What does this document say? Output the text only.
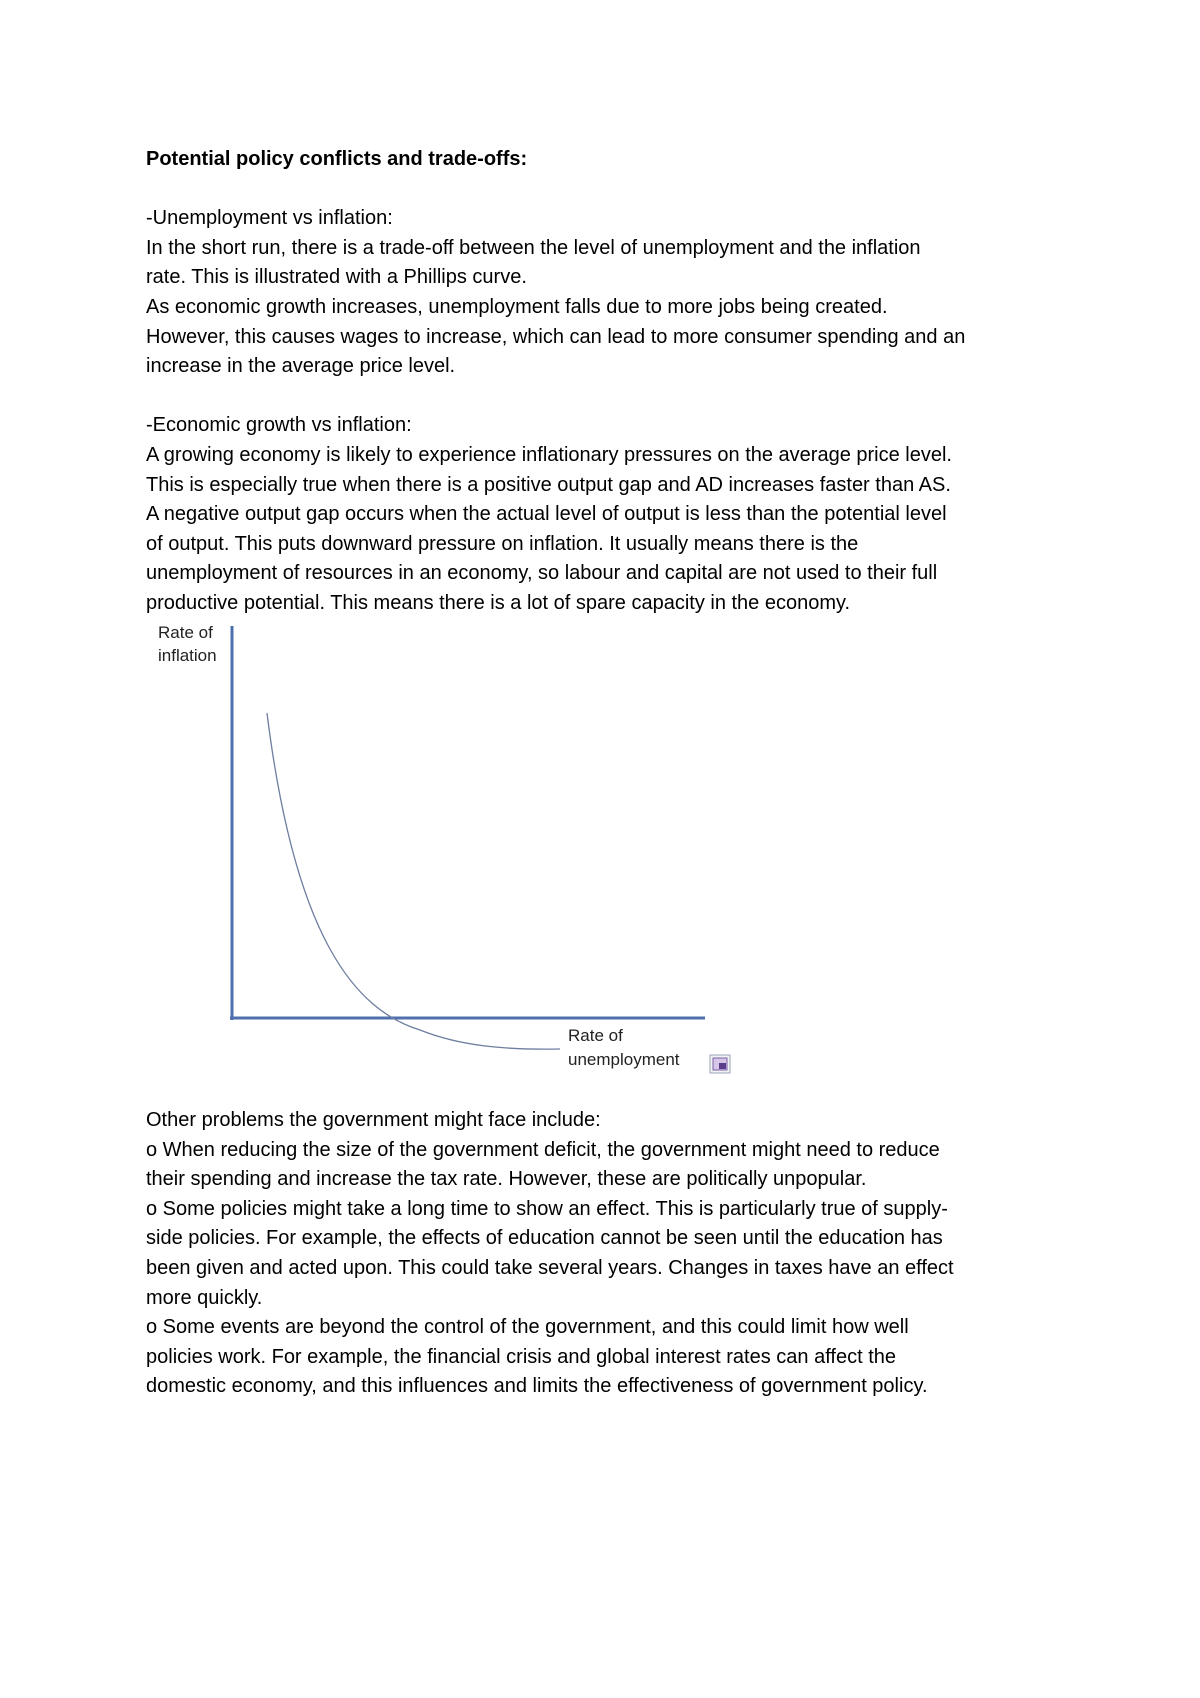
Potential policy conflicts and trade-offs:

-Unemployment vs inflation:

In the short run, there is a trade-off between the level of unemployment and the inflation

rate. This is illustrated with a Phillips curve.

As economic growth increases, unemployment falls due to more jobs being created.

However, this causes wages to increase, which can lead to more consumer spending and an

increase in the average price level.

-Economic growth vs inflation:

A growing economy is likely to experience inflationary pressures on the average price level.

This is especially true when there is a positive output gap and AD increases faster than AS.

A negative output gap occurs when the actual level of output is less than the potential level

of output. This puts downward pressure on inflation. It usually means there is the

unemployment of resources in an economy, so labour and capital are not used to their full

productive potential. This means there is a lot of spare capacity in the economy.

Rate of
inflation
Rate of
unemployment

Other problems the government might face include:

o When reducing the size of the government deficit, the government might need to reduce

their spending and increase the tax rate. However, these are politically unpopular.

o Some policies might take a long time to show an effect. This is particularly true of supply-

side policies. For example, the effects of education cannot be seen until the education has

been given and acted upon. This could take several years. Changes in taxes have an effect

more quickly.

o Some events are beyond the control of the government, and this could limit how well

policies work. For example, the financial crisis and global interest rates can affect the

domestic economy, and this influences and limits the effectiveness of government policy.
